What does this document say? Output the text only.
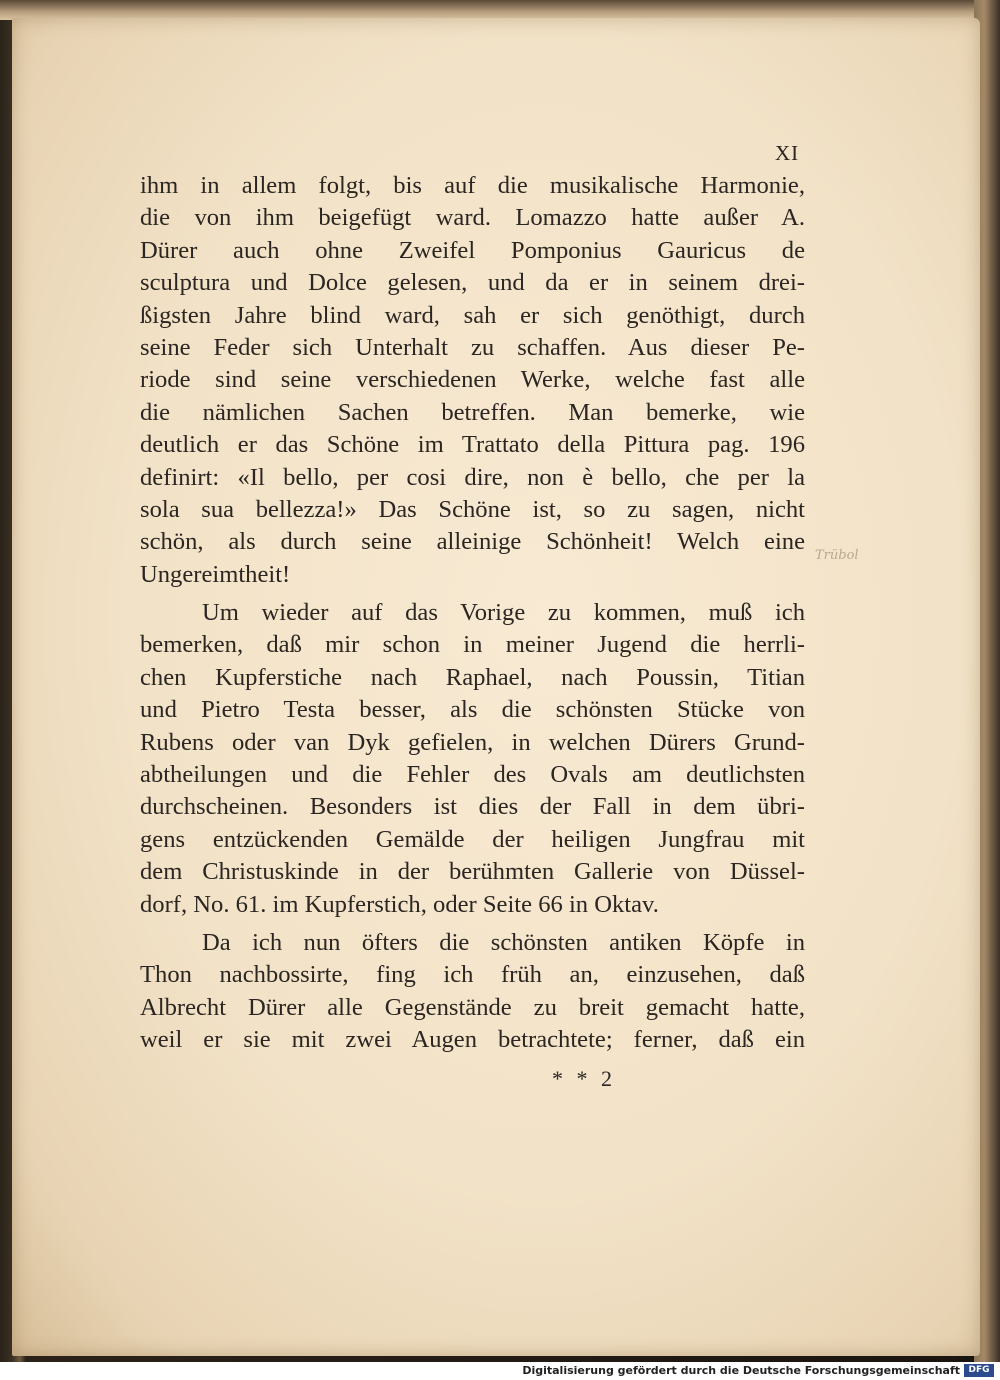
XI
ihm in allem folgt, bis auf die musikalische Harmonie,
die von ihm beigefügt ward. Lomazzo hatte außer A.
Dürer auch ohne Zweifel Pomponius Gauricus de
sculptura und Dolce gelesen, und da er in seinem drei-
ßigsten Jahre blind ward, sah er sich genöthigt, durch
seine Feder sich Unterhalt zu schaffen. Aus dieser Pe-
riode sind seine verschiedenen Werke, welche fast alle
die nämlichen Sachen betreffen. Man bemerke, wie
deutlich er das Schöne im Trattato della Pittura pag. 196
definirt: «Il bello, per cosi dire, non è bello, che per la
sola sua bellezza!» Das Schöne ist, so zu sagen, nicht
schön, als durch seine alleinige Schönheit! Welch eine
Ungereimtheit!
Um wieder auf das Vorige zu kommen, muß ich
bemerken, daß mir schon in meiner Jugend die herrli-
chen Kupferstiche nach Raphael, nach Poussin, Titian
und Pietro Testa besser, als die schönsten Stücke von
Rubens oder van Dyk gefielen, in welchen Dürers Grund-
abtheilungen und die Fehler des Ovals am deutlichsten
durchscheinen. Besonders ist dies der Fall in dem übri-
gens entzückenden Gemälde der heiligen Jungfrau mit
dem Christuskinde in der berühmten Gallerie von Düssel-
dorf, No. 61. im Kupferstich, oder Seite 66 in Oktav.
Da ich nun öfters die schönsten antiken Köpfe in
Thon nachbossirte, fing ich früh an, einzusehen, daß
Albrecht Dürer alle Gegenstände zu breit gemacht hatte,
weil er sie mit zwei Augen betrachtete; ferner, daß ein
* * 2
Trübol
Digitalisierung gefördert durch die Deutsche Forschungsgemeinschaft DFG
